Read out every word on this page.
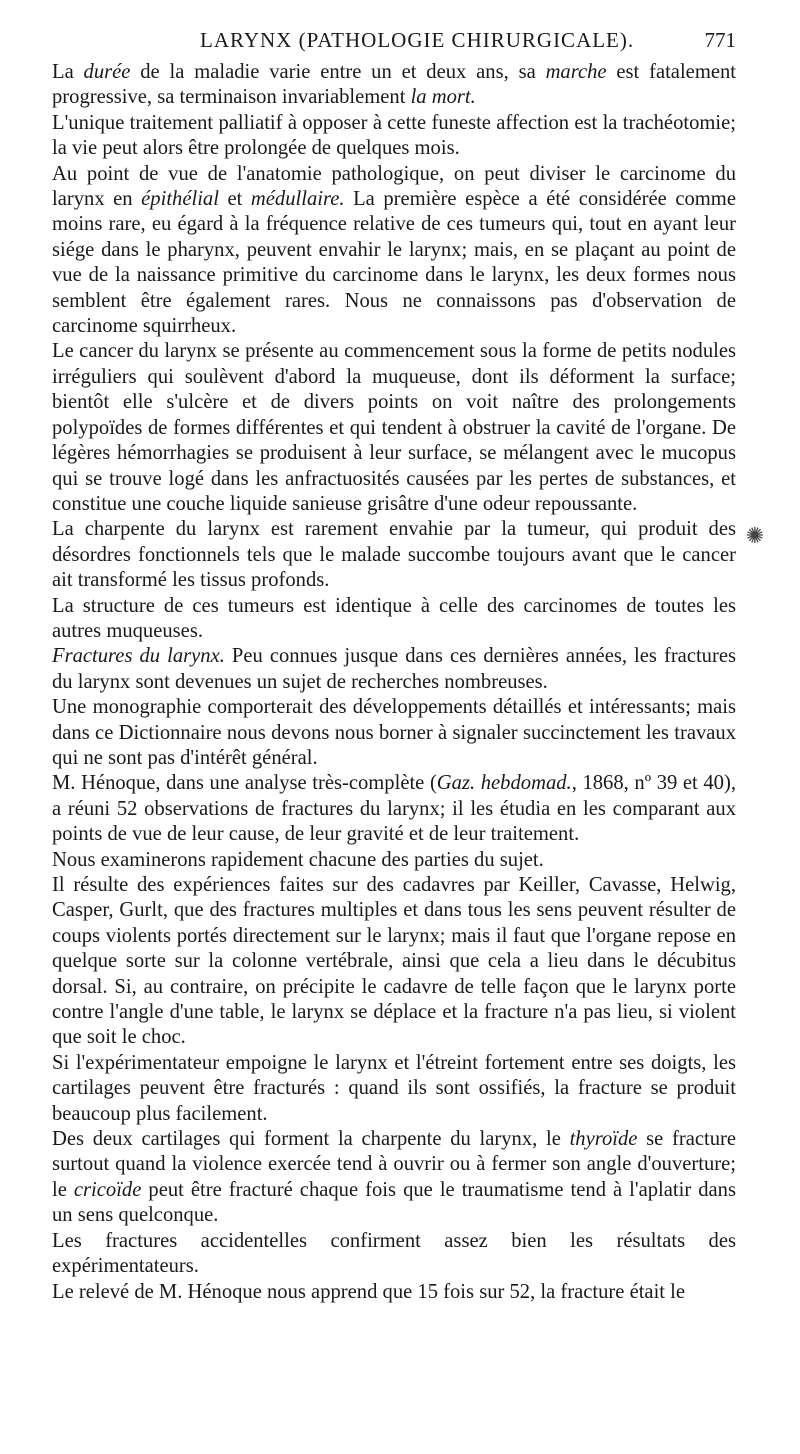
LARYNX (PATHOLOGIE CHIRURGICALE).	771

La durée de la maladie varie entre un et deux ans, sa marche est fatalement progressive, sa terminaison invariablement la mort.

L'unique traitement palliatif à opposer à cette funeste affection est la trachéotomie; la vie peut alors être prolongée de quelques mois.

Au point de vue de l'anatomie pathologique, on peut diviser le carcinome du larynx en épithélial et médullaire. La première espèce a été considérée comme moins rare, eu égard à la fréquence relative de ces tumeurs qui, tout en ayant leur siége dans le pharynx, peuvent envahir le larynx; mais, en se plaçant au point de vue de la naissance primitive du carcinome dans le larynx, les deux formes nous semblent être également rares. Nous ne connaissons pas d'observation de carcinome squirrheux.

Le cancer du larynx se présente au commencement sous la forme de petits nodules irréguliers qui soulèvent d'abord la muqueuse, dont ils déforment la surface; bientôt elle s'ulcère et de divers points on voit naître des prolongements polypoïdes de formes différentes et qui tendent à obstruer la cavité de l'organe. De légères hémorrhagies se produisent à leur surface, se mélangent avec le mucopus qui se trouve logé dans les anfractuosités causées par les pertes de substances, et constitue une couche liquide sanieuse grisâtre d'une odeur repoussante.

La charpente du larynx est rarement envahie par la tumeur, qui produit des désordres fonctionnels tels que le malade succombe toujours avant que le cancer ait transformé les tissus profonds.

La structure de ces tumeurs est identique à celle des carcinomes de toutes les autres muqueuses.

Fractures du larynx. Peu connues jusque dans ces dernières années, les fractures du larynx sont devenues un sujet de recherches nombreuses.

Une monographie comporterait des développements détaillés et intéressants; mais dans ce Dictionnaire nous devons nous borner à signaler succinctement les travaux qui ne sont pas d'intérêt général.

M. Hénoque, dans une analyse très-complète (Gaz. hebdomad., 1868, nº 39 et 40), a réuni 52 observations de fractures du larynx; il les étudia en les comparant aux points de vue de leur cause, de leur gravité et de leur traitement.

Nous examinerons rapidement chacune des parties du sujet.

Il résulte des expériences faites sur des cadavres par Keiller, Cavasse, Helwig, Casper, Gurlt, que des fractures multiples et dans tous les sens peuvent résulter de coups violents portés directement sur le larynx; mais il faut que l'organe repose en quelque sorte sur la colonne vertébrale, ainsi que cela a lieu dans le décubitus dorsal. Si, au contraire, on précipite le cadavre de telle façon que le larynx porte contre l'angle d'une table, le larynx se déplace et la fracture n'a pas lieu, si violent que soit le choc.

Si l'expérimentateur empoigne le larynx et l'étreint fortement entre ses doigts, les cartilages peuvent être fracturés : quand ils sont ossifiés, la fracture se produit beaucoup plus facilement.

Des deux cartilages qui forment la charpente du larynx, le thyroïde se fracture surtout quand la violence exercée tend à ouvrir ou à fermer son angle d'ouverture; le cricoïde peut être fracturé chaque fois que le traumatisme tend à l'aplatir dans un sens quelconque.

Les fractures accidentelles confirment assez bien les résultats des expérimentateurs.

Le relevé de M. Hénoque nous apprend que 15 fois sur 52, la fracture était le

✺
